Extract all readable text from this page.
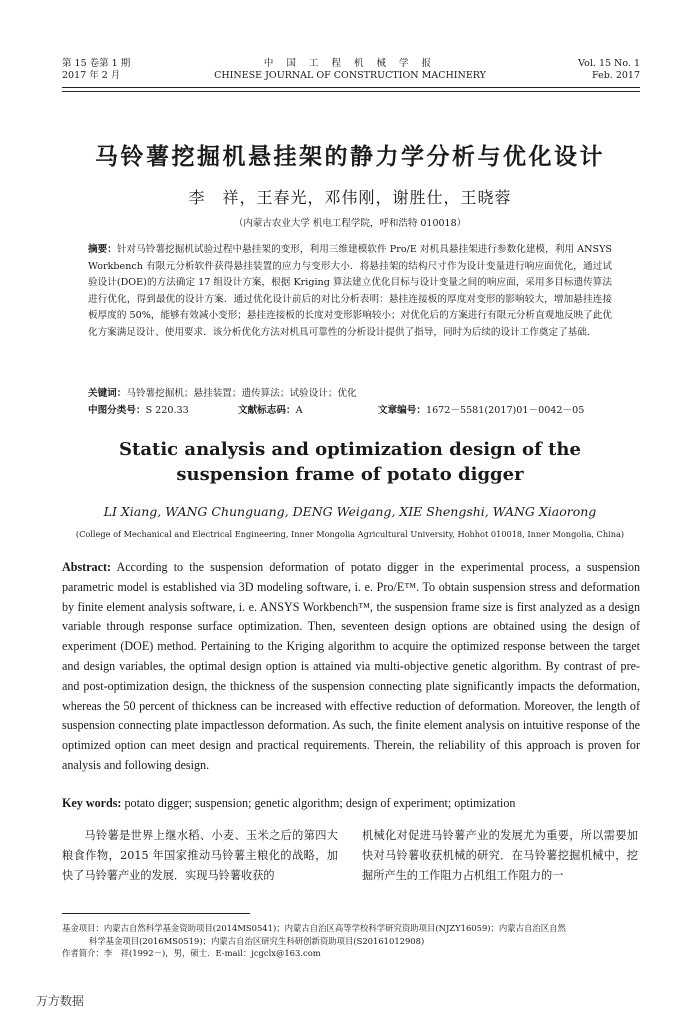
第 15 卷第 1 期
2017 年 2 月
中 国 工 程 机 械 学 报
CHINESE JOURNAL OF CONSTRUCTION MACHINERY
Vol. 15 No. 1
Feb. 2017
马铃薯挖掘机悬挂架的静力学分析与优化设计
李　祥，王春光，邓伟刚，谢胜仕，王晓蓉
（内蒙古农业大学 机电工程学院，呼和浩特 010018）
摘要：针对马铃薯挖掘机试验过程中悬挂架的变形，利用三维建模软件 Pro/E 对机具悬挂架进行参数化建模，利用 ANSYS Workbench 有限元分析软件获得悬挂装置的应力与变形大小．将悬挂架的结构尺寸作为设计变量进行响应面优化，通过试验设计(DOE)的方法确定 17 组设计方案，根据 Kriging 算法建立优化目标与设计变量之间的响应面，采用多目标遗传算法进行优化，得到最优的设计方案．通过优化设计前后的对比分析表明：悬挂连接板的厚度对变形的影响较大，增加悬挂连接板厚度的 50%，能够有效减小变形；悬挂连接板的长度对变形影响较小；对优化后的方案进行有限元分析直观地反映了此优化方案满足设计、使用要求．该分析优化方法对机具可靠性的分析设计提供了指导，同时为后续的设计工作奠定了基础．
关键词：马铃薯挖掘机；悬挂装置；遗传算法；试验设计；优化
中图分类号：S 220.33	文献标志码：A	文章编号：1672－5581(2017)01－0042－05
Static analysis and optimization design of the
suspension frame of potato digger
LI Xiang, WANG Chunguang, DENG Weigang, XIE Shengshi, WANG Xiaorong
(College of Mechanical and Electrical Engineering, Inner Mongolia Agricultural University, Hohhot 010018, Inner Mongolia, China)
Abstract: According to the suspension deformation of potato digger in the experimental process, a suspension parametric model is established via 3D modeling software, i. e. Pro/E™. To obtain suspension stress and deformation by finite element analysis software, i. e. ANSYS Workbench™, the suspension frame size is first analyzed as a design variable through response surface optimization. Then, seventeen design options are obtained using the design of experiment (DOE) method. Pertaining to the Kriging algorithm to acquire the optimized response between the target and design variables, the optimal design option is attained via multi-objective genetic algorithm. By contrast of pre- and post-optimization design, the thickness of the suspension connecting plate significantly impacts the deformation, whereas the 50 percent of thickness can be increased with effective reduction of deformation. Moreover, the length of suspension connecting plate impactlesson deformation. As such, the finite element analysis on intuitive response of the optimized option can meet design and practical requirements. Therein, the reliability of this approach is proven for analysis and following design.
Key words: potato digger; suspension; genetic algorithm; design of experiment; optimization
马铃薯是世界上继水稻、小麦、玉米之后的第四大粮食作物，2015 年国家推动马铃薯主粮化的战略，加快了马铃薯产业的发展．实现马铃薯收获的
机械化对促进马铃薯产业的发展尤为重要，所以需要加快对马铃薯收获机械的研究．在马铃薯挖掘机械中，挖掘所产生的工作阻力占机组工作阻力的一
基金项目：内蒙古自然科学基金资助项目(2014MS0541)；内蒙古自治区高等学校科学研究资助项目(NJZY16059)；内蒙古自治区自然
科学基金项目(2016MS0519)；内蒙古自治区研究生科研创新资助项目(S20161012908)
作者简介：李　祥(1992－)，男，硕士．E-mail：jcgclx@163.com
万方数据
